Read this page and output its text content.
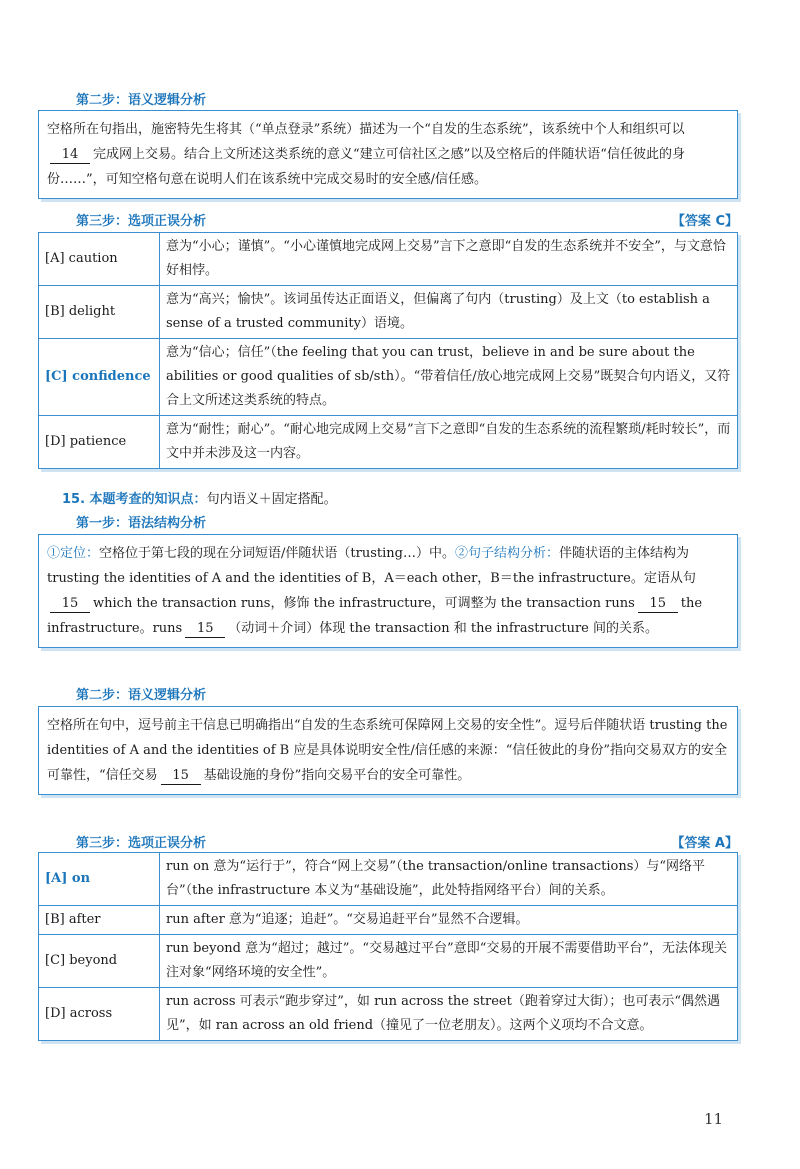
第二步：语义逻辑分析
空格所在句指出，施密特先生将其（“单点登录”系统）描述为一个“自发的生态系统”，该系统中个人和组织可以14 完成网上交易。结合上文所述这类系统的意义“建立可信社区之感”以及空格后的伴随状语“信任彼此的身份……”，可知空格句意在说明人们在该系统中完成交易时的安全感/信任感。
第三步：选项正误分析	【答案 C】
[A] caution	意为“小心；谨慎”。“小心谨慎地完成网上交易”言下之意即“自发的生态系统并不安全”，与文意恰好相悖。
[B] delight	意为“高兴；愉快”。该词虽传达正面语义，但偏离了句内（trusting）及上文（to establish a sense of a trusted community）语境。
[C] confidence	意为“信心；信任”（the feeling that you can trust，believe in and be sure about the abilities or good qualities of sb/sth）。“带着信任/放心地完成网上交易”既契合句内语义，又符合上文所述这类系统的特点。
[D] patience	意为“耐性；耐心”。“耐心地完成网上交易”言下之意即“自发的生态系统的流程繁琐/耗时较长”，而文中并未涉及这一内容。
15. 本题考查的知识点：句内语义＋固定搭配。
第一步：语法结构分析
①定位：空格位于第七段的现在分词短语/伴随状语（trusting…）中。②句子结构分析：伴随状语的主体结构为 trusting the identities of A and the identities of B，A＝each other，B＝the infrastructure。定语从句15 which the transaction runs，修饰 the infrastructure，可调整为 the transaction runs 15 the infrastructure。runs 15 （动词＋介词）体现 the transaction 和 the infrastructure 间的关系。
第二步：语义逻辑分析
空格所在句中，逗号前主干信息已明确指出“自发的生态系统可保障网上交易的安全性”。逗号后伴随状语 trusting the identities of A and the identities of B 应是具体说明安全性/信任感的来源：“信任彼此的身份”指向交易双方的安全可靠性，“信任交易 15 基础设施的身份”指向交易平台的安全可靠性。
第三步：选项正误分析	【答案 A】
[A] on	run on 意为“运行于”，符合“网上交易”（the transaction/online transactions）与“网络平台”（the infrastructure 本义为“基础设施”，此处特指网络平台）间的关系。
[B] after	run after 意为“追逐；追赶”。“交易追赶平台”显然不合逻辑。
[C] beyond	run beyond 意为“超过；越过”。“交易越过平台”意即“交易的开展不需要借助平台”，无法体现关注对象“网络环境的安全性”。
[D] across	run across 可表示“跑步穿过”，如 run across the street（跑着穿过大街）；也可表示“偶然遇见”，如 ran across an old friend（撞见了一位老朋友）。这两个义项均不合文意。
11
